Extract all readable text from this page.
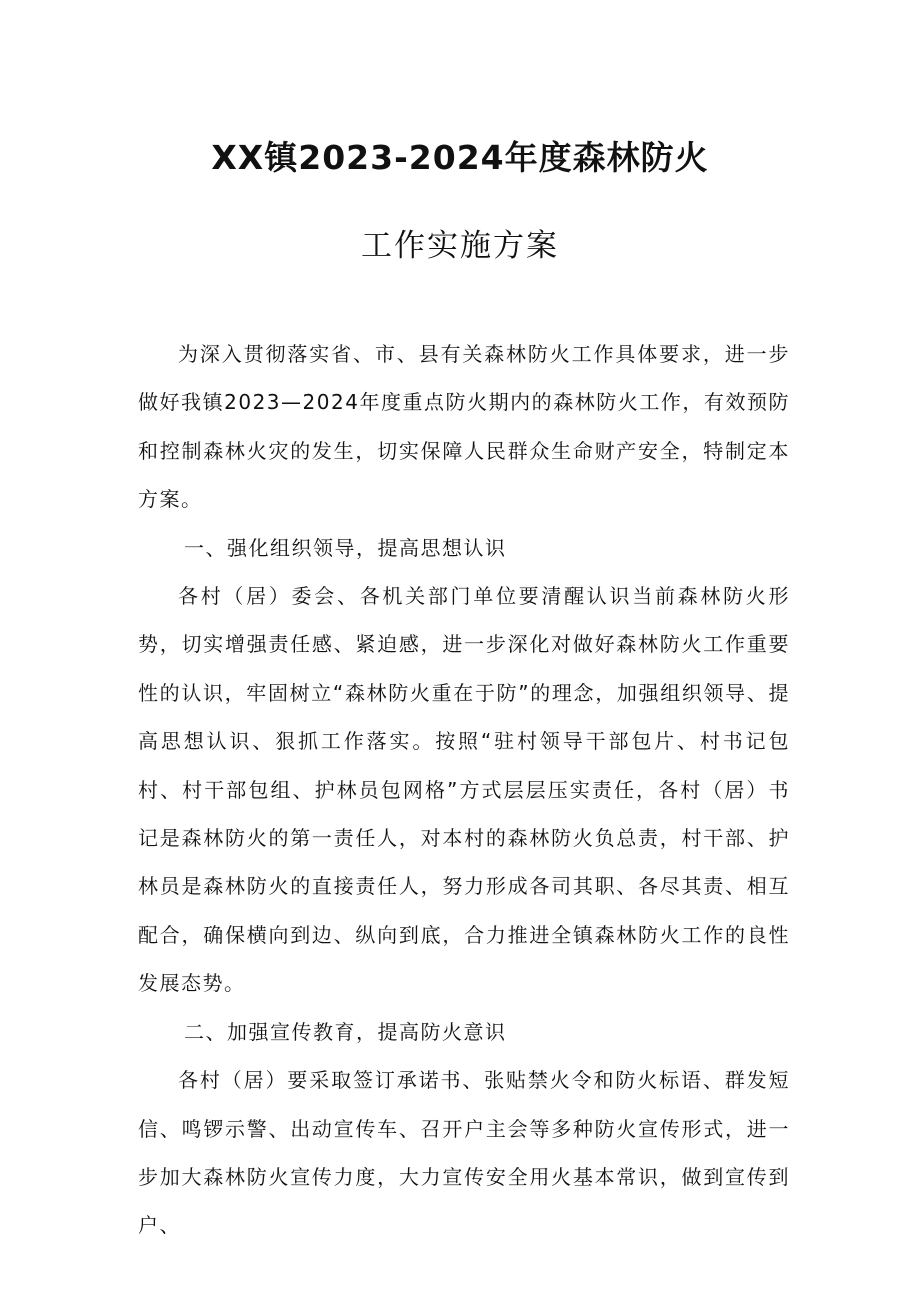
XX镇2023-2024年度森林防火
工作实施方案

为深入贯彻落实省、市、县有关森林防火工作具体要求，进一步做好我镇2023—2024年度重点防火期内的森林防火工作，有效预防和控制森林火灾的发生，切实保障人民群众生命财产安全，特制定本方案。

一、强化组织领导，提高思想认识

各村（居）委会、各机关部门单位要清醒认识当前森林防火形势，切实增强责任感、紧迫感，进一步深化对做好森林防火工作重要性的认识，牢固树立“森林防火重在于防”的理念，加强组织领导、提高思想认识、狠抓工作落实。按照“驻村领导干部包片、村书记包村、村干部包组、护林员包网格”方式层层压实责任，各村（居）书记是森林防火的第一责任人，对本村的森林防火负总责，村干部、护林员是森林防火的直接责任人，努力形成各司其职、各尽其责、相互配合，确保横向到边、纵向到底，合力推进全镇森林防火工作的良性发展态势。

二、加强宣传教育，提高防火意识

各村（居）要采取签订承诺书、张贴禁火令和防火标语、群发短信、鸣锣示警、出动宣传车、召开户主会等多种防火宣传形式，进一步加大森林防火宣传力度，大力宣传安全用火基本常识，做到宣传到户、
